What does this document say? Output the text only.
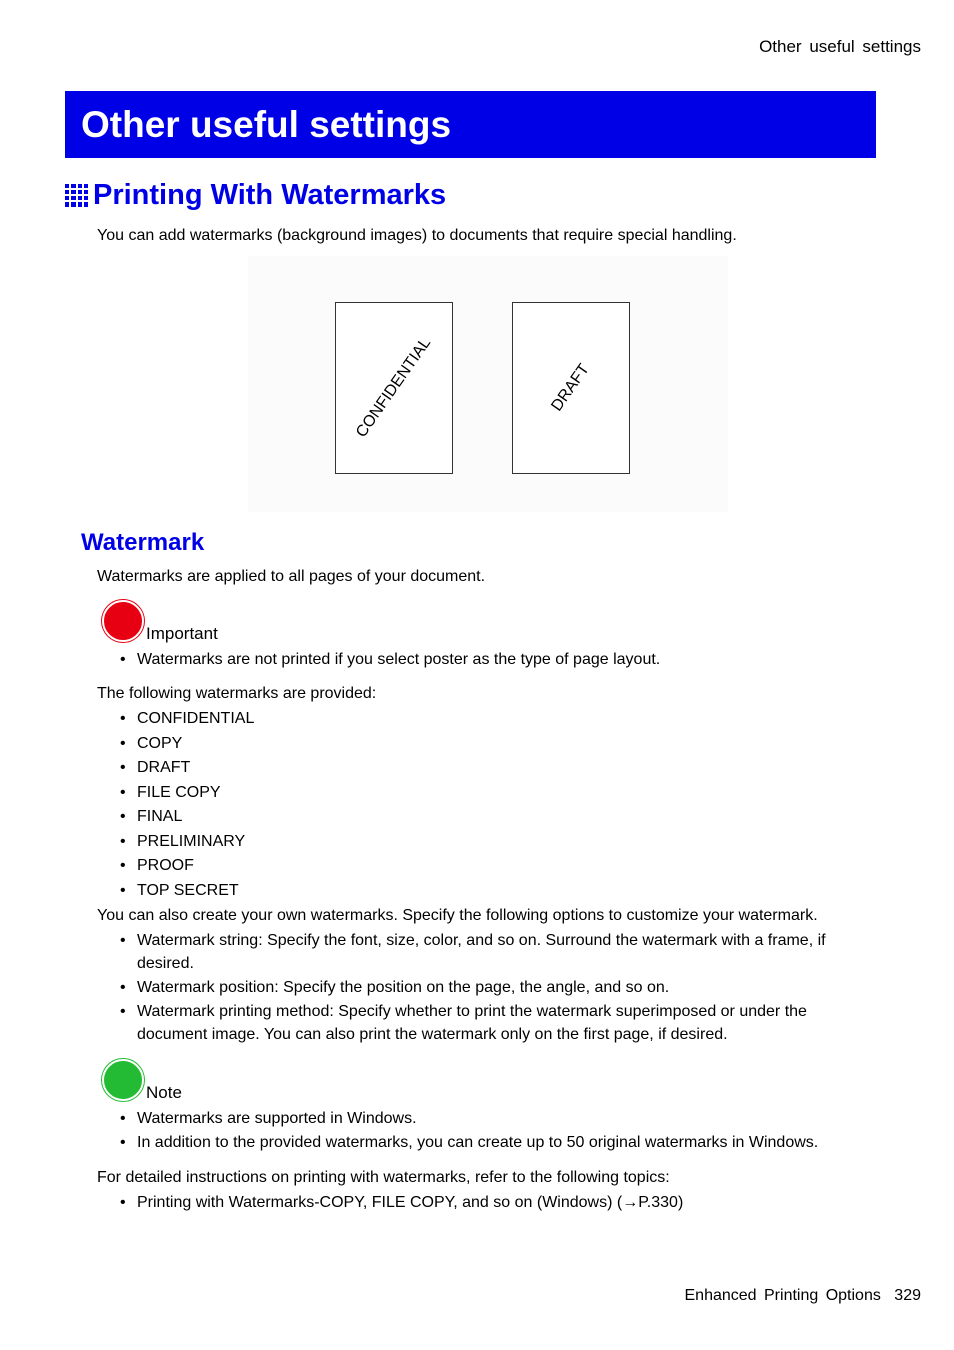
Other useful settings
Other useful settings
Printing With Watermarks
You can add watermarks (background images) to documents that require special handling.
CONFIDENTIAL	DRAFT
Watermark
Watermarks are applied to all pages of your document.
Important
• Watermarks are not printed if you select poster as the type of page layout.
The following watermarks are provided:
• CONFIDENTIAL
• COPY
• DRAFT
• FILE COPY
• FINAL
• PRELIMINARY
• PROOF
• TOP SECRET
You can also create your own watermarks. Specify the following options to customize your watermark.
• Watermark string: Specify the font, size, color, and so on. Surround the watermark with a frame, if desired.
• Watermark position: Specify the position on the page, the angle, and so on.
• Watermark printing method: Specify whether to print the watermark superimposed or under the document image. You can also print the watermark only on the first page, if desired.
Note
• Watermarks are supported in Windows.
• In addition to the provided watermarks, you can create up to 50 original watermarks in Windows.
For detailed instructions on printing with watermarks, refer to the following topics:
• Printing with Watermarks-COPY, FILE COPY, and so on (Windows) (→P.330)
Enhanced Printing Options 329
